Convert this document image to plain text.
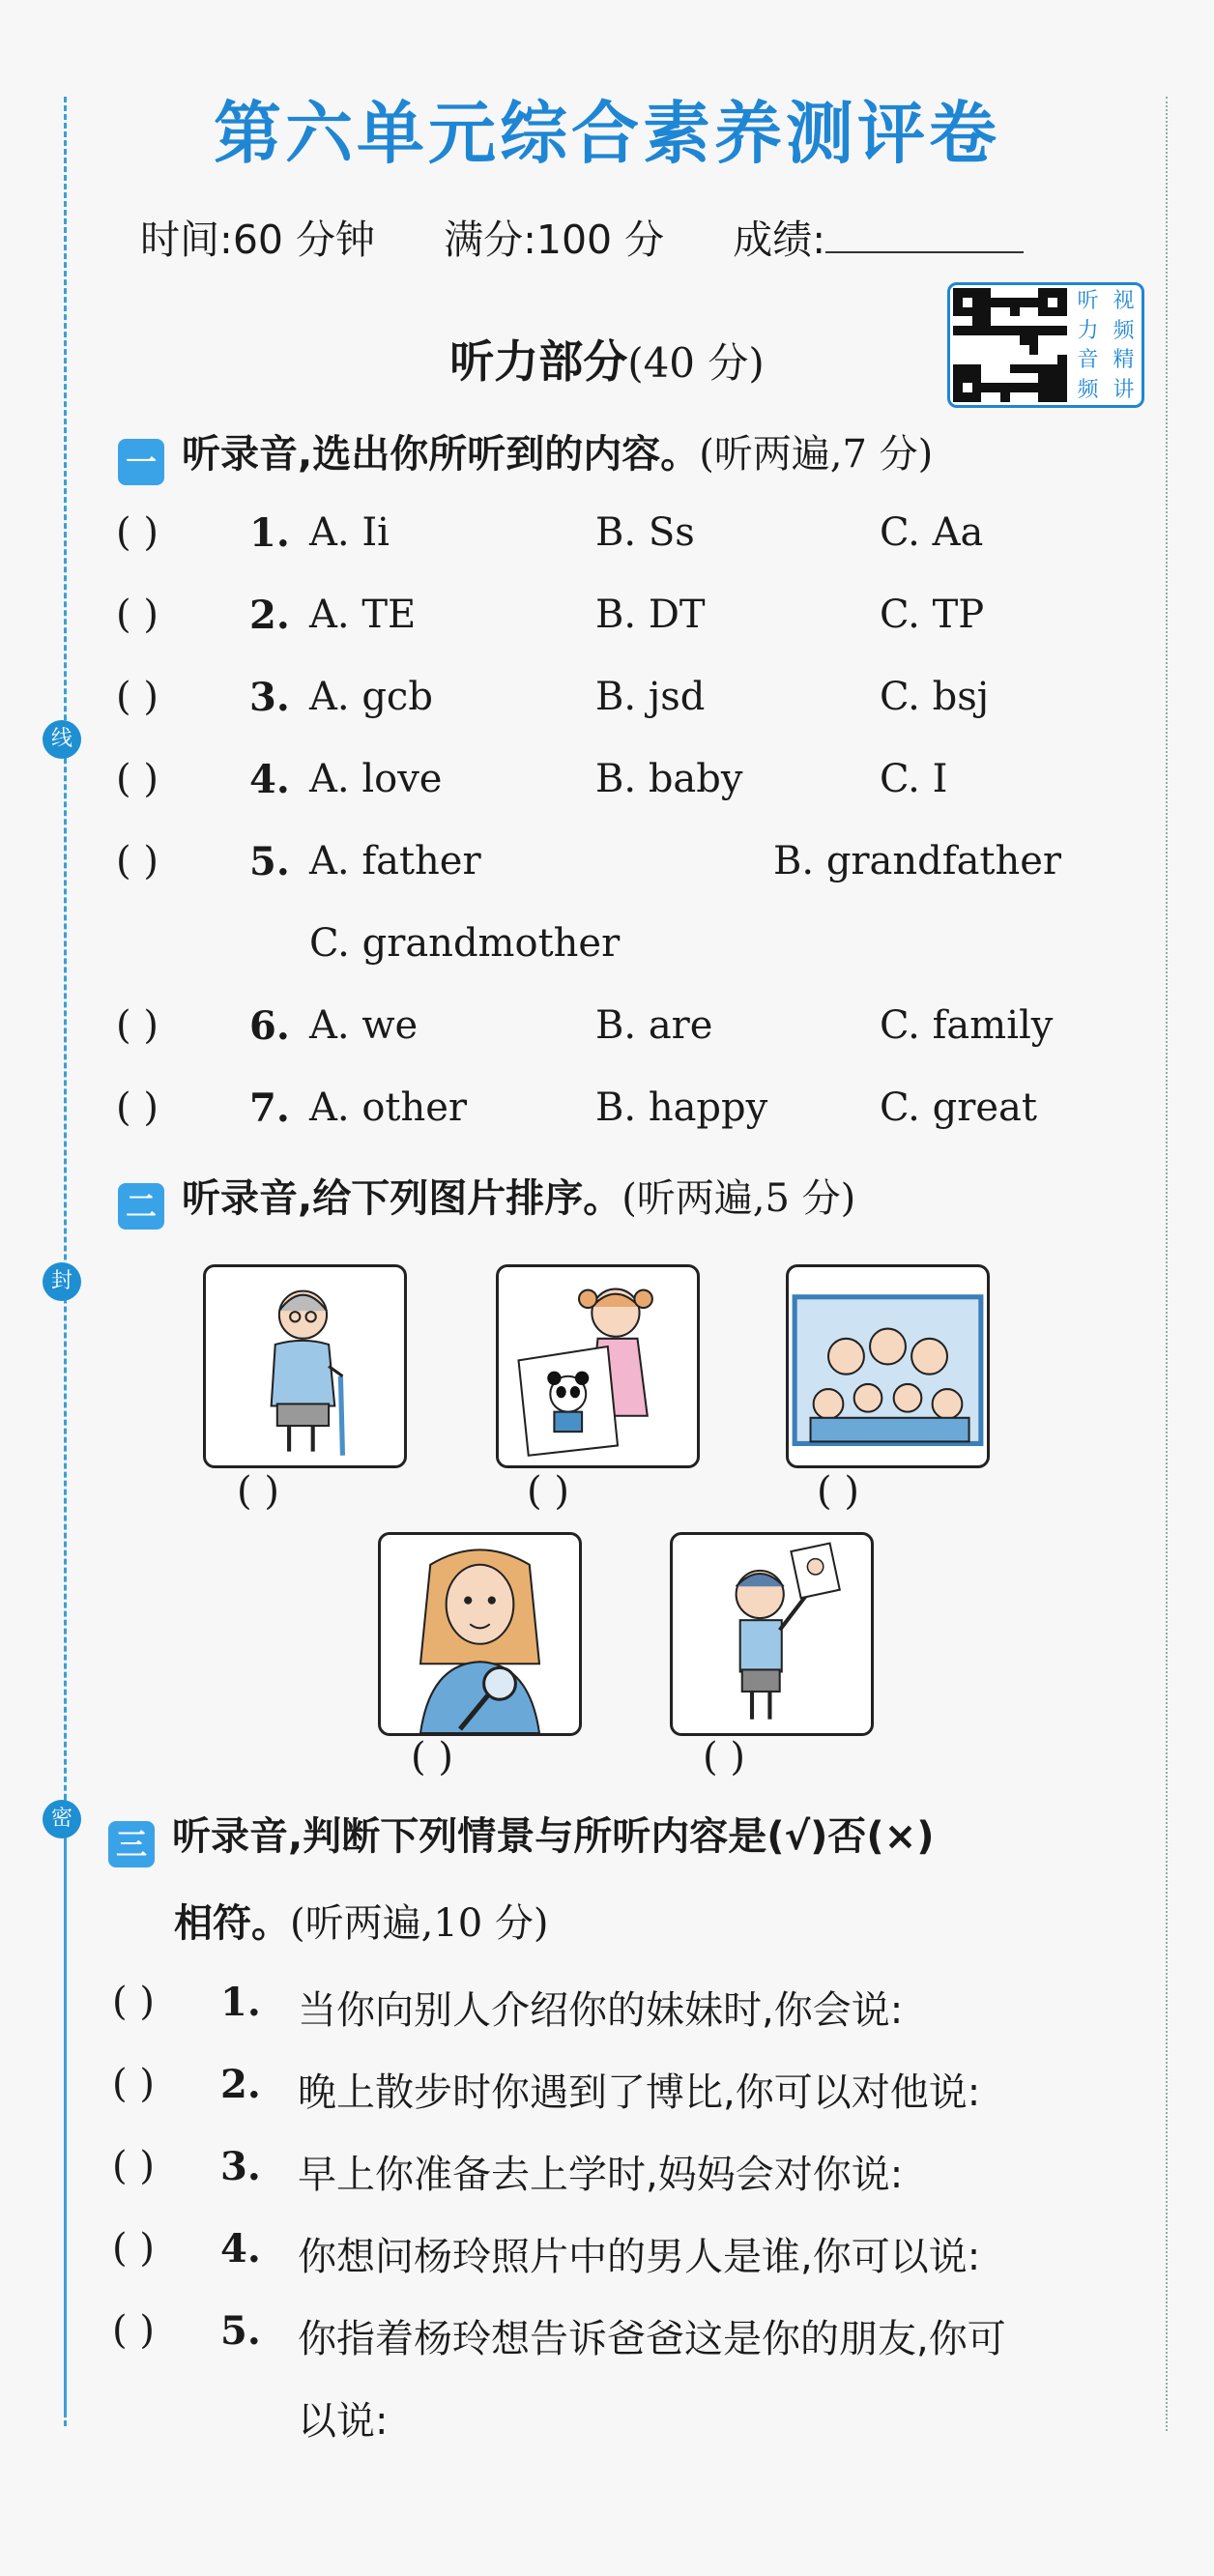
线
封
密
第六单元综合素养测评卷
时间:60 分钟 满分:100 分 成绩:
听 视
力 频
音 精
频 讲
听力部分(40 分)
一 听录音,选出你所听到的内容。(听两遍,7 分)
( ) 1. A. Ii	B. Ss	C. Aa
( ) 2. A. TE	B. DT	C. TP
( ) 3. A. gcb	B. jsd	C. bsj
( ) 4. A. love	B. baby	C. I
( ) 5. A. father	B. grandfather
C. grandmother
( ) 6. A. we	B. are	C. family
( ) 7. A. other	B. happy	C. great
二 听录音,给下列图片排序。(听两遍,5 分)
( )	( )	( )
( )	( )
三 听录音,判断下列情景与所听内容是(√)否(×)
相符。(听两遍,10 分)
( ) 1. 当你向别人介绍你的妹妹时,你会说:
( ) 2. 晚上散步时你遇到了博比,你可以对他说:
( ) 3. 早上你准备去上学时,妈妈会对你说:
( ) 4. 你想问杨玲照片中的男人是谁,你可以说:
( ) 5. 你指着杨玲想告诉爸爸这是你的朋友,你可
以说:
